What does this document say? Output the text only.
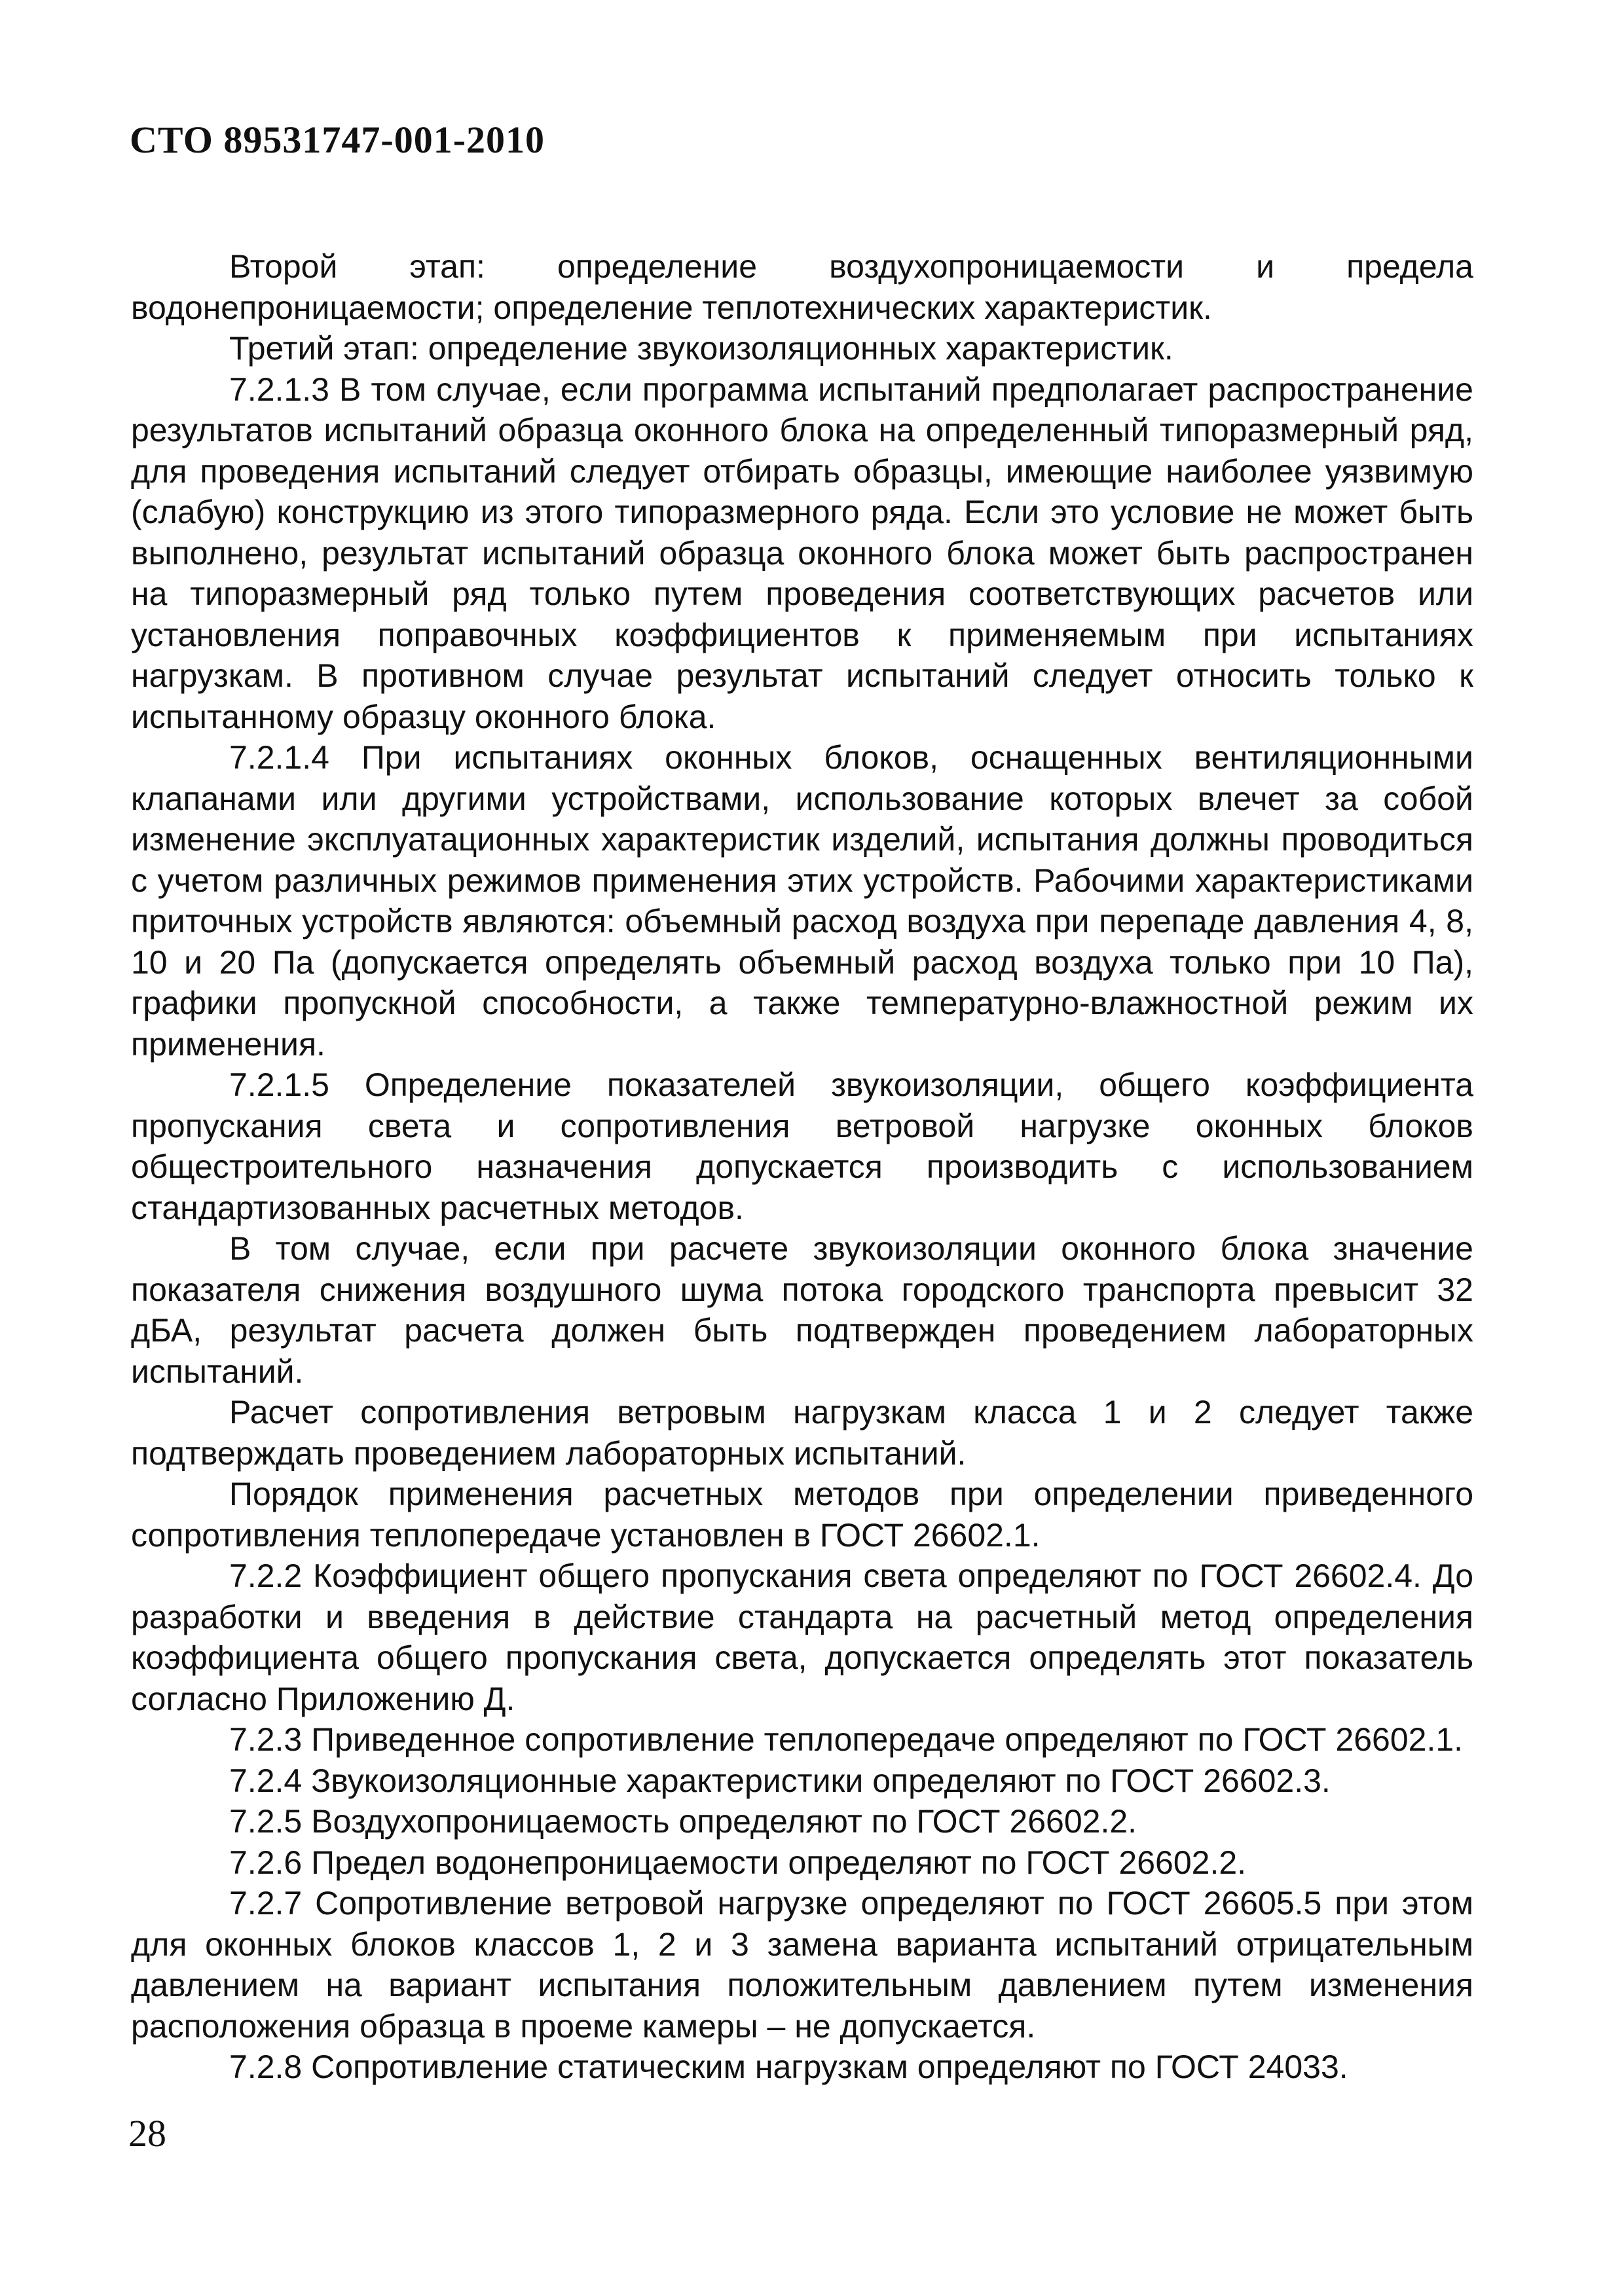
СТО 89531747-001-2010

Второй этап: определение воздухопроницаемости и предела водонепроницаемости; определение теплотехнических характеристик.

Третий этап: определение звукоизоляционных характеристик.

7.2.1.3 В том случае, если программа испытаний предполагает распространение результатов испытаний образца оконного блока на определенный типоразмерный ряд, для проведения испытаний следует отбирать образцы, имеющие наиболее уязвимую (слабую) конструкцию из этого типоразмерного ряда. Если это условие не может быть выполнено, результат испытаний образца оконного блока может быть распространен на типоразмерный ряд только путем проведения соответствующих расчетов или установления поправочных коэффициентов к применяемым при испытаниях нагрузкам. В противном случае результат испытаний следует относить только к испытанному образцу оконного блока.

7.2.1.4 При испытаниях оконных блоков, оснащенных вентиляционными клапанами или другими устройствами, использование которых влечет за собой изменение эксплуатационных характеристик изделий, испытания должны проводиться с учетом различных режимов применения этих устройств. Рабочими характеристиками приточных устройств являются: объемный расход воздуха при перепаде давления 4, 8, 10 и 20 Па (допускается определять объемный расход воздуха только при 10 Па), графики пропускной способности, а также температурно-влажностной режим их применения.

7.2.1.5 Определение показателей звукоизоляции, общего коэффициента пропускания света и сопротивления ветровой нагрузке оконных блоков общестроительного назначения допускается производить с использованием стандартизованных расчетных методов.

В том случае, если при расчете звукоизоляции оконного блока значение показателя снижения воздушного шума потока городского транспорта превысит 32 дБА, результат расчета должен быть подтвержден проведением лабораторных испытаний.

Расчет сопротивления ветровым нагрузкам класса 1 и 2 следует также подтверждать проведением лабораторных испытаний.

Порядок применения расчетных методов при определении приведенного сопротивления теплопередаче установлен в ГОСТ 26602.1.

7.2.2 Коэффициент общего пропускания света определяют по ГОСТ 26602.4. До разработки и введения в действие стандарта на расчетный метод определения коэффициента общего пропускания света, допускается определять этот показатель согласно Приложению Д.

7.2.3 Приведенное сопротивление теплопередаче определяют по ГОСТ 26602.1.

7.2.4 Звукоизоляционные характеристики определяют по ГОСТ 26602.3.

7.2.5 Воздухопроницаемость определяют по ГОСТ 26602.2.

7.2.6 Предел водонепроницаемости определяют по ГОСТ 26602.2.

7.2.7 Сопротивление ветровой нагрузке определяют по ГОСТ 26605.5 при этом для оконных блоков классов 1, 2 и 3 замена варианта испытаний отрицательным давлением на вариант испытания положительным давлением путем изменения расположения образца в проеме камеры – не допускается.

7.2.8 Сопротивление статическим нагрузкам определяют по ГОСТ 24033.

28
